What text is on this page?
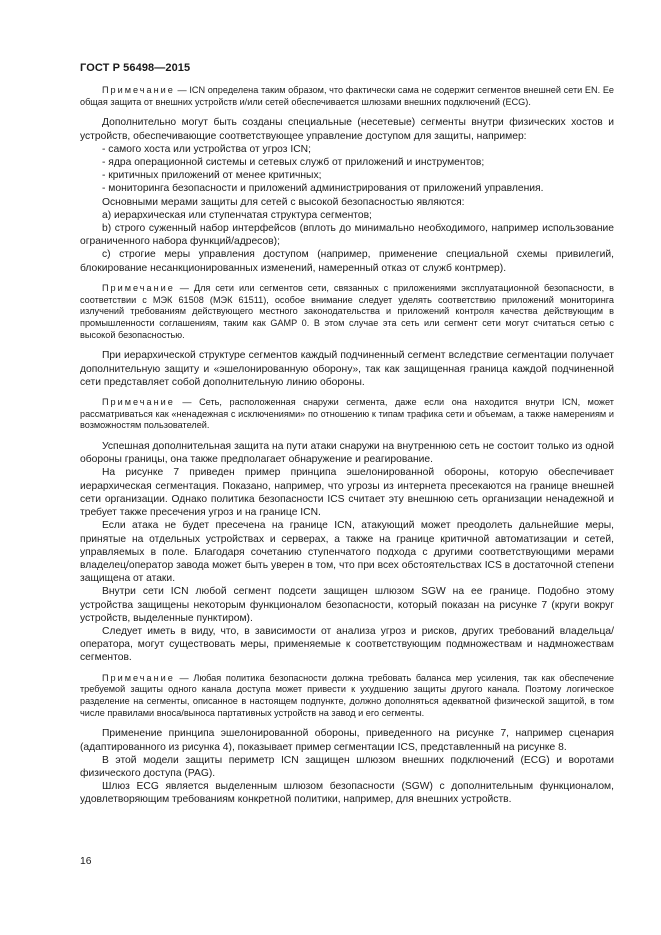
ГОСТ Р 56498—2015

Примечание — ICN определена таким образом, что фактически сама не содержит сегментов внешней сети EN. Ее общая защита от внешних устройств и/или сетей обеспечивается шлюзами внешних подключений (ECG).

Дополнительно могут быть созданы специальные (несетевые) сегменты внутри физических хостов и устройств, обеспечивающие соответствующее управление доступом для защиты, например:

- самого хоста или устройства от угроз ICN;

- ядра операционной системы и сетевых служб от приложений и инструментов;

- критичных приложений от менее критичных;

- мониторинга безопасности и приложений администрирования от приложений управления.

Основными мерами защиты для сетей с высокой безопасностью являются:

а) иерархическая или ступенчатая структура сегментов;

b) строго суженный набор интерфейсов (вплоть до минимально необходимого, например использование ограниченного набора функций/адресов);

с) строгие меры управления доступом (например, применение специальной схемы привилегий, блокирование несанкционированных изменений, намеренный отказ от служб контрмер).

Примечание — Для сети или сегментов сети, связанных с приложениями эксплуатационной безопасности, в соответствии с МЭК 61508 (МЭК 61511), особое внимание следует уделять соответствию приложений мониторинга излучений требованиям действующего местного законодательства и приложений контроля качества действующим в промышленности соглашениям, таким как GAMP 0. В этом случае эта сеть или сегмент сети могут считаться сетью с высокой безопасностью.

При иерархической структуре сегментов каждый подчиненный сегмент вследствие сегментации получает дополнительную защиту и «эшелонированную оборону», так как защищенная граница каждой подчиненной сети представляет собой дополнительную линию обороны.

Примечание — Сеть, расположенная снаружи сегмента, даже если она находится внутри ICN, может рассматриваться как «ненадежная с исключениями» по отношению к типам трафика сети и объемам, а также намерениям и возможностям пользователей.

Успешная дополнительная защита на пути атаки снаружи на внутреннюю сеть не состоит только из одной обороны границы, она также предполагает обнаружение и реагирование.

На рисунке 7 приведен пример принципа эшелонированной обороны, которую обеспечивает иерархическая сегментация. Показано, например, что угрозы из интернета пресекаются на границе внешней сети организации. Однако политика безопасности ICS считает эту внешнюю сеть организации ненадежной и требует также пресечения угроз и на границе ICN.

Если атака не будет пресечена на границе ICN, атакующий может преодолеть дальнейшие меры, принятые на отдельных устройствах и серверах, а также на границе критичной автоматизации и сетей, управляемых в поле. Благодаря сочетанию ступенчатого подхода с другими соответствующими мерами владелец/оператор завода может быть уверен в том, что при всех обстоятельствах ICS в достаточной степени защищена от атаки.

Внутри сети ICN любой сегмент подсети защищен шлюзом SGW на ее границе. Подобно этому устройства защищены некоторым функционалом безопасности, который показан на рисунке 7 (круги вокруг устройств, выделенные пунктиром).

Следует иметь в виду, что, в зависимости от анализа угроз и рисков, других требований владельца/оператора, могут существовать меры, применяемые к соответствующим подмножествам и надмножествам сегментов.

Примечание — Любая политика безопасности должна требовать баланса мер усиления, так как обеспечение требуемой защиты одного канала доступа может привести к ухудшению защиты другого канала. Поэтому логическое разделение на сегменты, описанное в настоящем подпункте, должно дополняться адекватной физической защитой, в том числе правилами вноса/выноса партативных устройств на завод и его сегменты.

Применение принципа эшелонированной обороны, приведенного на рисунке 7, например сценария (адаптированного из рисунка 4), показывает пример сегментации ICS, представленный на рисунке 8.

В этой модели защиты периметр ICN защищен шлюзом внешних подключений (ECG) и воротами физического доступа (PAG).

Шлюз ECG является выделенным шлюзом безопасности (SGW) с дополнительным функционалом, удовлетворяющим требованиям конкретной политики, например, для внешних устройств.

16
